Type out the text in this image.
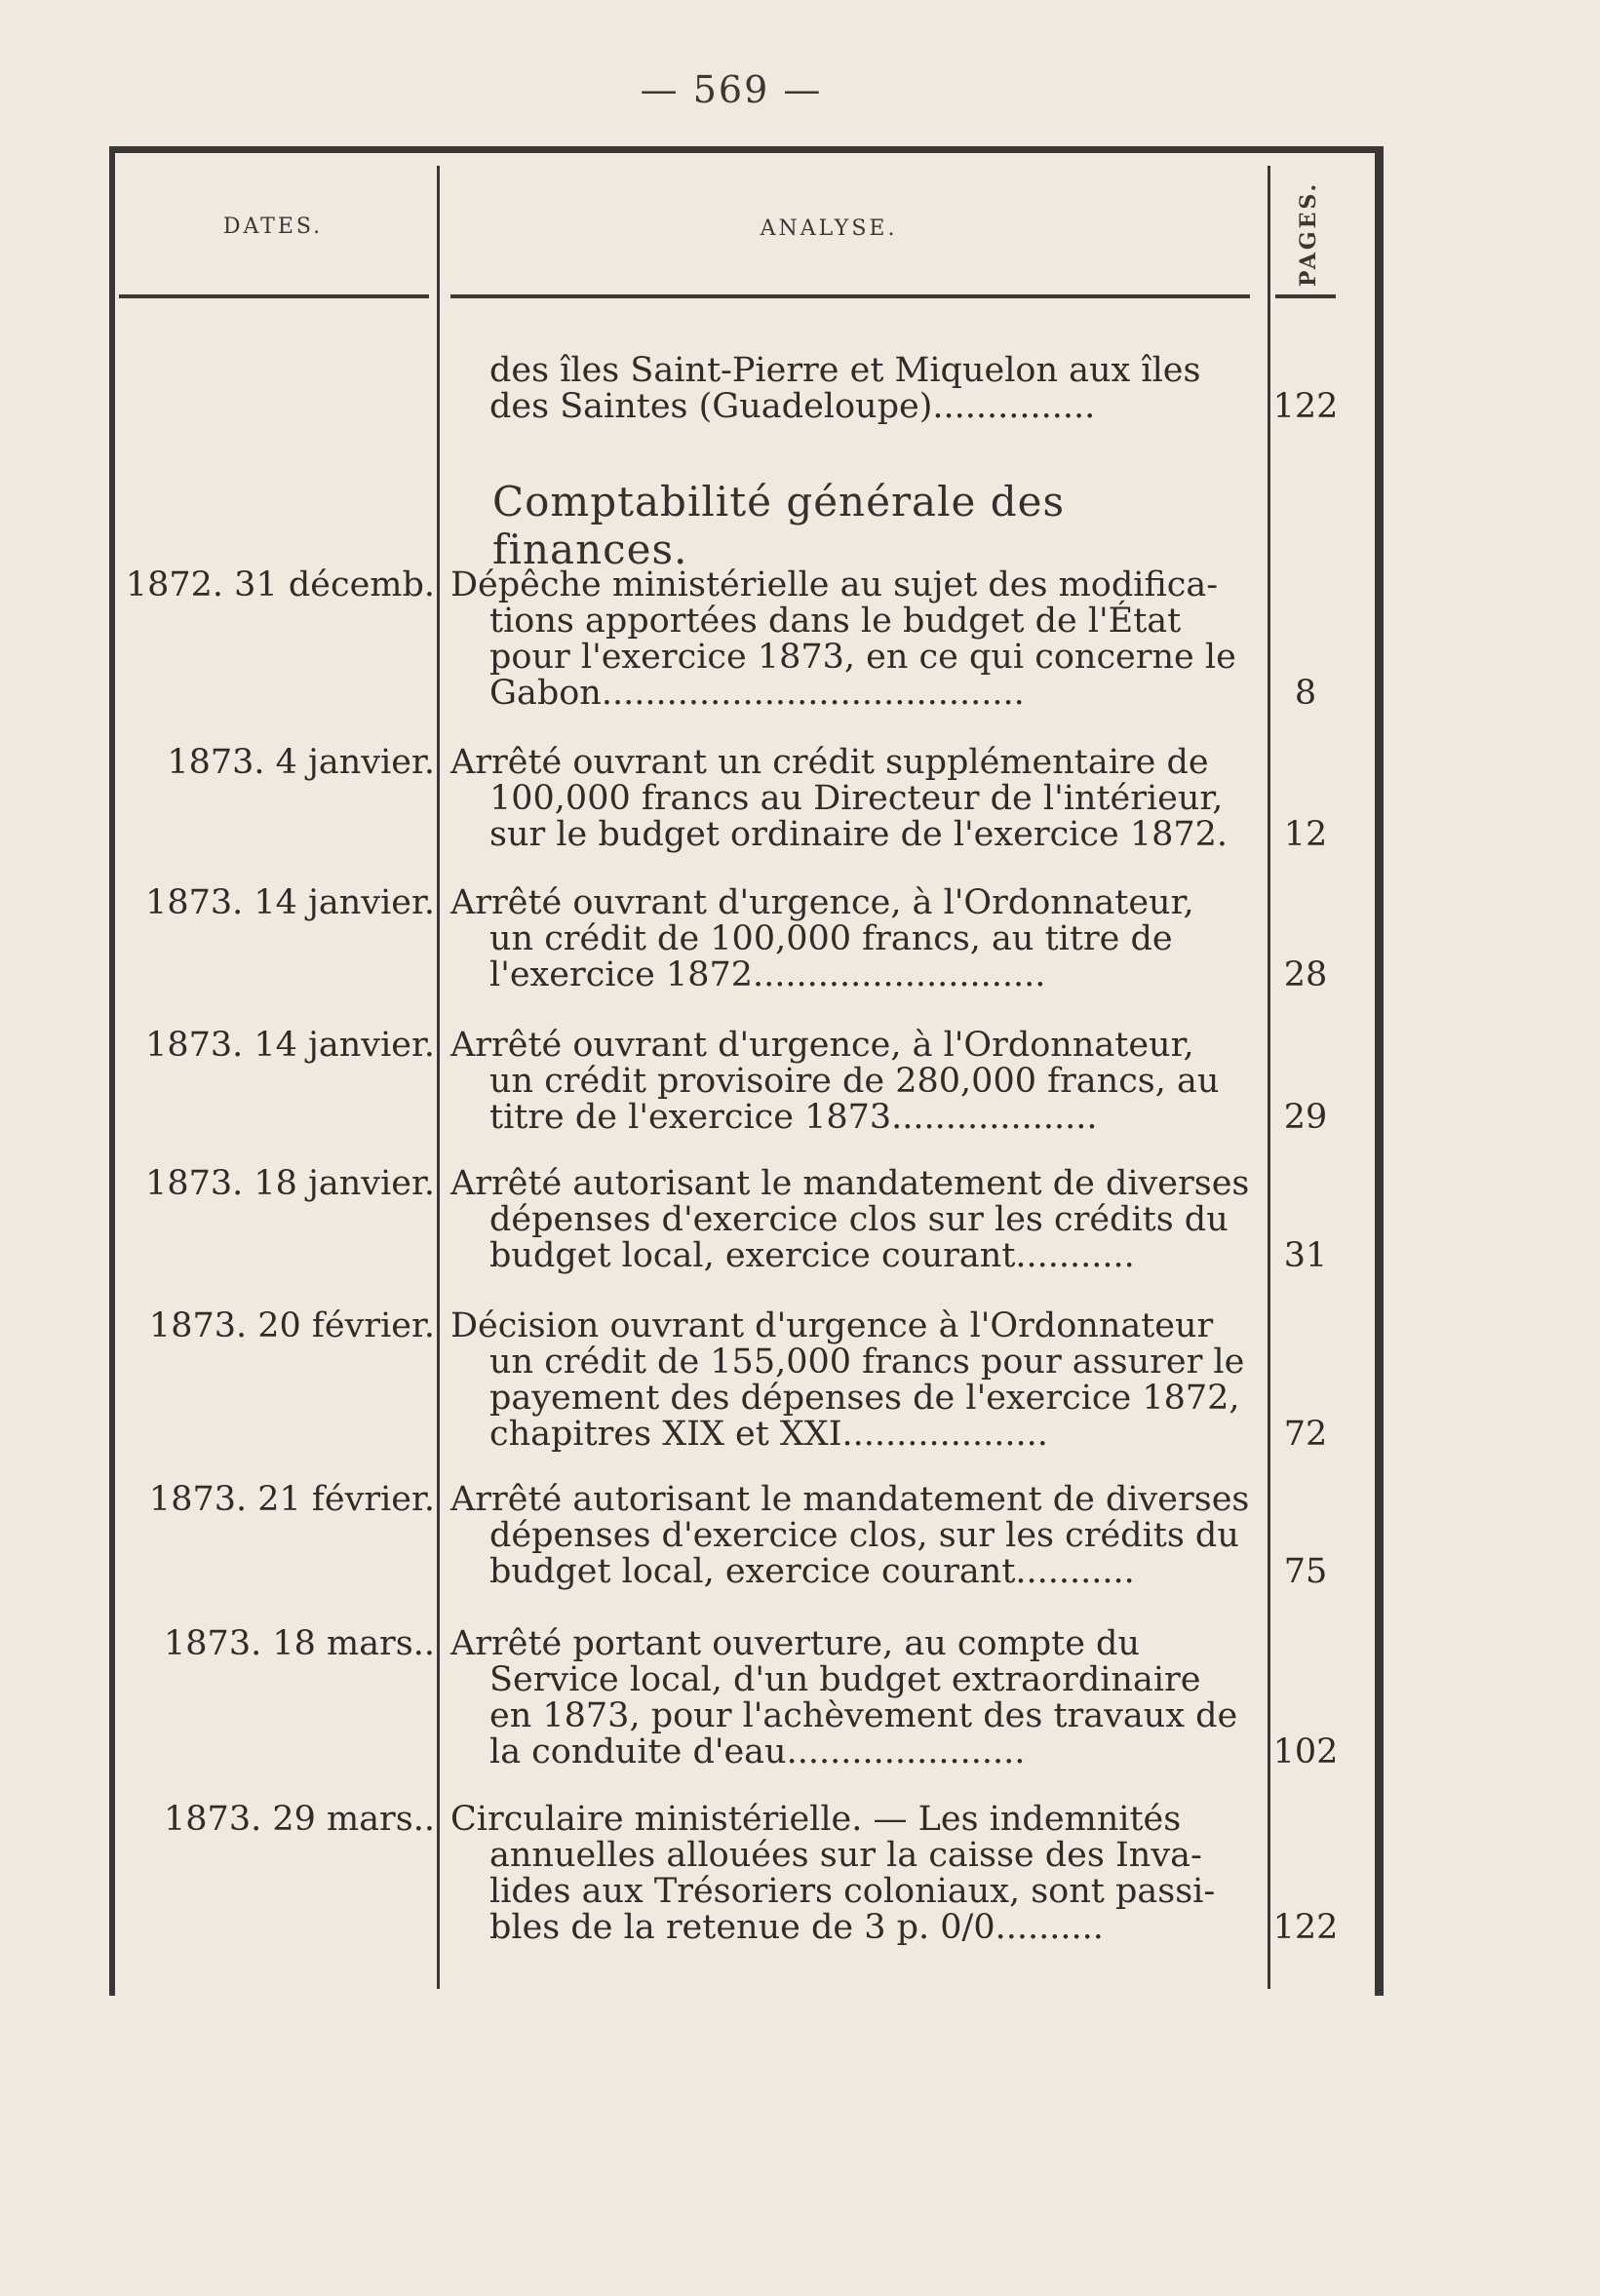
— 569 —
DATES.	ANALYSE.	PAGES.
des îles Saint-Pierre et Miquelon aux îles
des Saintes (Guadeloupe)...............	122
Comptabilité générale des finances.
1872. 31 décemb. Dépêche ministérielle au sujet des modifica-
tions apportées dans le budget de l'État
pour l'exercice 1873, en ce qui concerne le
Gabon.......................................	8
1873. 4 janvier. Arrêté ouvrant un crédit supplémentaire de
100,000 francs au Directeur de l'intérieur,
sur le budget ordinaire de l'exercice 1872.	12
1873. 14 janvier. Arrêté ouvrant d'urgence, à l'Ordonnateur,
un crédit de 100,000 francs, au titre de
l'exercice 1872...........................	28
1873. 14 janvier. Arrêté ouvrant d'urgence, à l'Ordonnateur,
un crédit provisoire de 280,000 francs, au
titre de l'exercice 1873...................	29
1873. 18 janvier. Arrêté autorisant le mandatement de diverses
dépenses d'exercice clos sur les crédits du
budget local, exercice courant...........	31
1873. 20 février. Décision ouvrant d'urgence à l'Ordonnateur
un crédit de 155,000 francs pour assurer le
payement des dépenses de l'exercice 1872,
chapitres XIX et XXI...................	72
1873. 21 février. Arrêté autorisant le mandatement de diverses
dépenses d'exercice clos, sur les crédits du
budget local, exercice courant...........	75
1873. 18 mars.. Arrêté portant ouverture, au compte du
Service local, d'un budget extraordinaire
en 1873, pour l'achèvement des travaux de
la conduite d'eau......................	102
1873. 29 mars.. Circulaire ministérielle. — Les indemnités
annuelles allouées sur la caisse des Inva-
lides aux Trésoriers coloniaux, sont passi-
bles de la retenue de 3 p. 0/0..........	122
